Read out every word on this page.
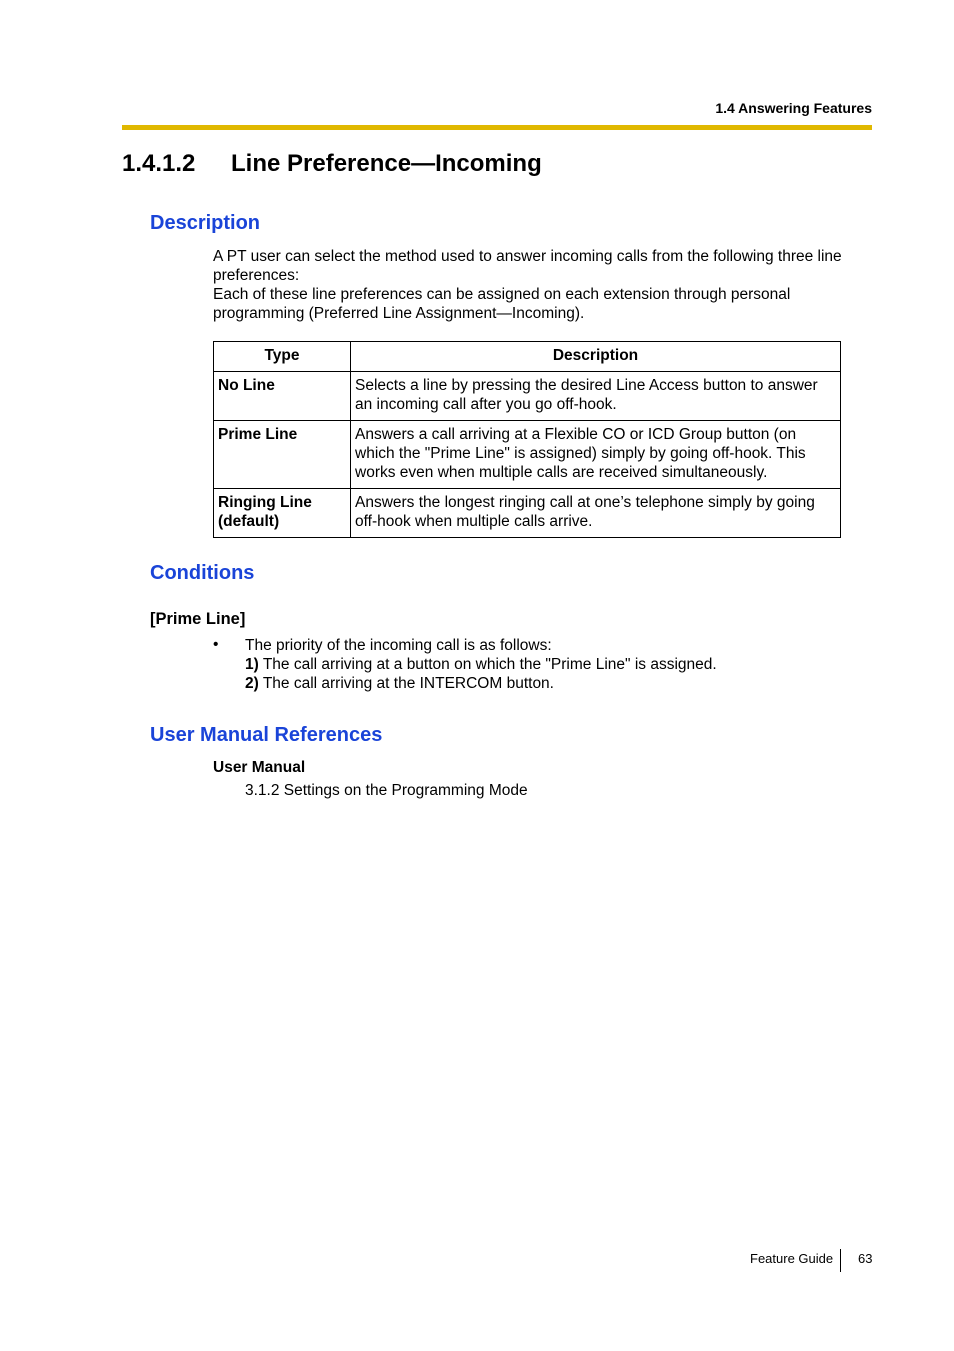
1.4 Answering Features
1.4.1.2 Line Preference—Incoming
Description
A PT user can select the method used to answer incoming calls from the following three line preferences:
Each of these line preferences can be assigned on each extension through personal programming (Preferred Line Assignment—Incoming).
Type	Description
No Line	Selects a line by pressing the desired Line Access button to answer an incoming call after you go off-hook.
Prime Line	Answers a call arriving at a Flexible CO or ICD Group button (on which the "Prime Line" is assigned) simply by going off-hook. This works even when multiple calls are received simultaneously.
Ringing Line (default)	Answers the longest ringing call at one’s telephone simply by going off-hook when multiple calls arrive.
Conditions
[Prime Line]
• The priority of the incoming call is as follows:
1) The call arriving at a button on which the "Prime Line" is assigned.
2) The call arriving at the INTERCOM button.
User Manual References
User Manual
3.1.2 Settings on the Programming Mode
Feature Guide 63
